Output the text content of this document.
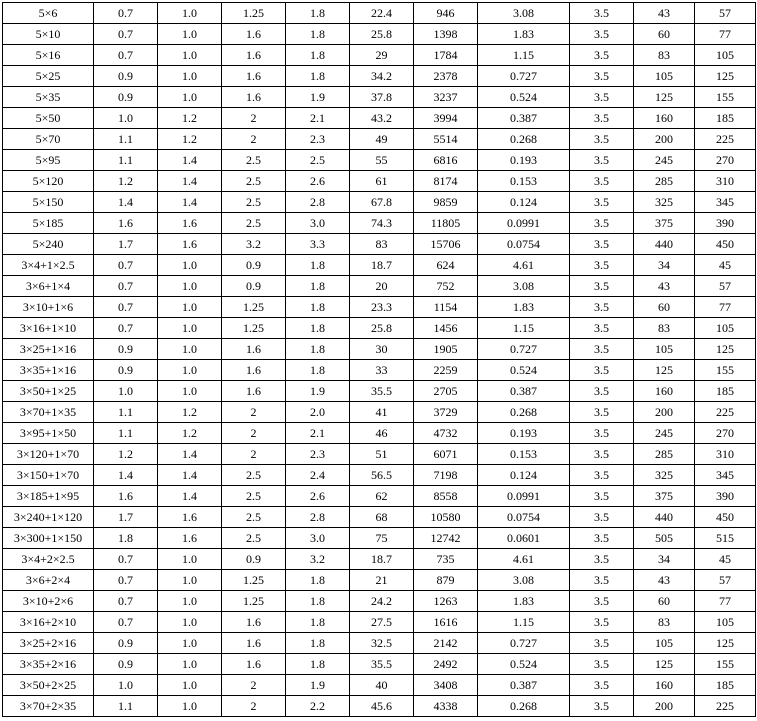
5×6	0.7	1.0	1.25	1.8	22.4	946	3.08	3.5	43	57
5×10	0.7	1.0	1.6	1.8	25.8	1398	1.83	3.5	60	77
5×16	0.7	1.0	1.6	1.8	29	1784	1.15	3.5	83	105
5×25	0.9	1.0	1.6	1.8	34.2	2378	0.727	3.5	105	125
5×35	0.9	1.0	1.6	1.9	37.8	3237	0.524	3.5	125	155
5×50	1.0	1.2	2	2.1	43.2	3994	0.387	3.5	160	185
5×70	1.1	1.2	2	2.3	49	5514	0.268	3.5	200	225
5×95	1.1	1.4	2.5	2.5	55	6816	0.193	3.5	245	270
5×120	1.2	1.4	2.5	2.6	61	8174	0.153	3.5	285	310
5×150	1.4	1.4	2.5	2.8	67.8	9859	0.124	3.5	325	345
5×185	1.6	1.6	2.5	3.0	74.3	11805	0.0991	3.5	375	390
5×240	1.7	1.6	3.2	3.3	83	15706	0.0754	3.5	440	450
3×4+1×2.5	0.7	1.0	0.9	1.8	18.7	624	4.61	3.5	34	45
3×6+1×4	0.7	1.0	0.9	1.8	20	752	3.08	3.5	43	57
3×10+1×6	0.7	1.0	1.25	1.8	23.3	1154	1.83	3.5	60	77
3×16+1×10	0.7	1.0	1.25	1.8	25.8	1456	1.15	3.5	83	105
3×25+1×16	0.9	1.0	1.6	1.8	30	1905	0.727	3.5	105	125
3×35+1×16	0.9	1.0	1.6	1.8	33	2259	0.524	3.5	125	155
3×50+1×25	1.0	1.0	1.6	1.9	35.5	2705	0.387	3.5	160	185
3×70+1×35	1.1	1.2	2	2.0	41	3729	0.268	3.5	200	225
3×95+1×50	1.1	1.2	2	2.1	46	4732	0.193	3.5	245	270
3×120+1×70	1.2	1.4	2	2.3	51	6071	0.153	3.5	285	310
3×150+1×70	1.4	1.4	2.5	2.4	56.5	7198	0.124	3.5	325	345
3×185+1×95	1.6	1.4	2.5	2.6	62	8558	0.0991	3.5	375	390
3×240+1×120	1.7	1.6	2.5	2.8	68	10580	0.0754	3.5	440	450
3×300+1×150	1.8	1.6	2.5	3.0	75	12742	0.0601	3.5	505	515
3×4+2×2.5	0.7	1.0	0.9	3.2	18.7	735	4.61	3.5	34	45
3×6+2×4	0.7	1.0	1.25	1.8	21	879	3.08	3.5	43	57
3×10+2×6	0.7	1.0	1.25	1.8	24.2	1263	1.83	3.5	60	77
3×16+2×10	0.7	1.0	1.6	1.8	27.5	1616	1.15	3.5	83	105
3×25+2×16	0.9	1.0	1.6	1.8	32.5	2142	0.727	3.5	105	125
3×35+2×16	0.9	1.0	1.6	1.8	35.5	2492	0.524	3.5	125	155
3×50+2×25	1.0	1.0	2	1.9	40	3408	0.387	3.5	160	185
3×70+2×35	1.1	1.0	2	2.2	45.6	4338	0.268	3.5	200	225
